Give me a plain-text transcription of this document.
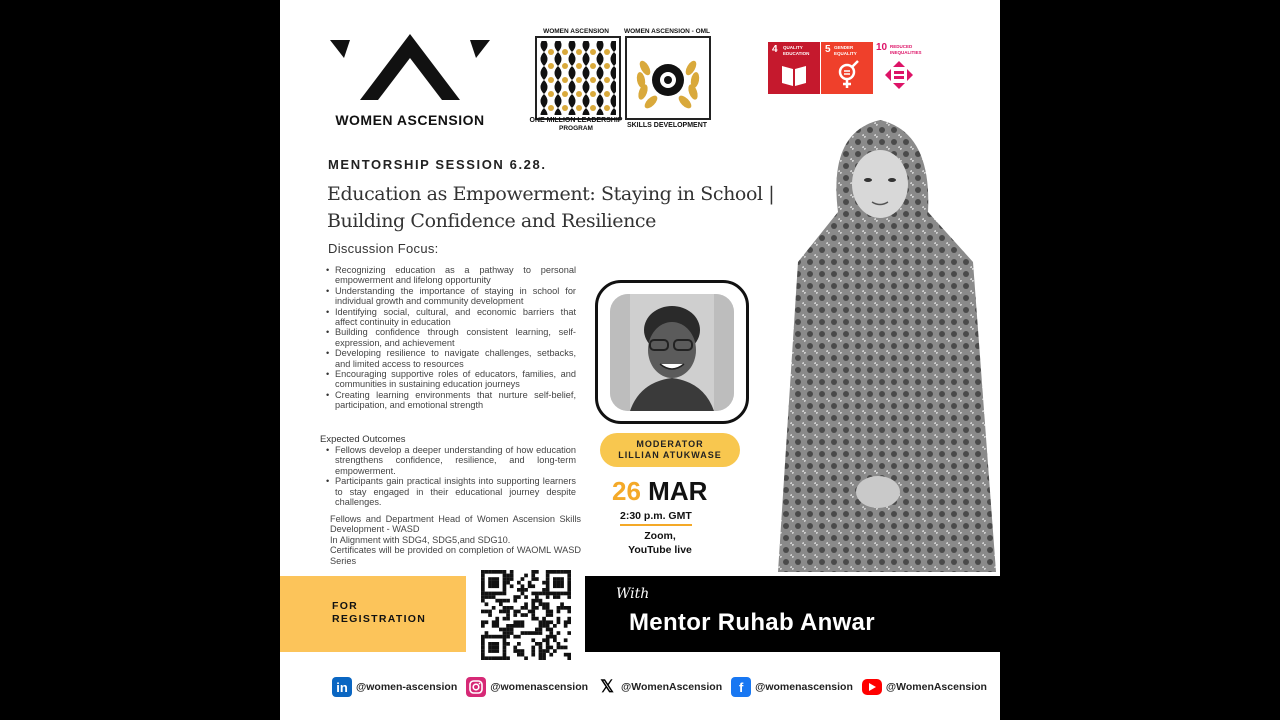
WOMEN ASCENSION
WOMEN ASCENSION
ONE MILLION LEADERSHIP
PROGRAM
WOMEN ASCENSION - OML
SKILLS DEVELOPMENT
4 QUALITY
EDUCATION 5 GENDER
EQUALITY
10 REDUCED
INEQUALITIES
MENTORSHIP SESSION 6.28.
Education as Empowerment: Staying in School |
Building Confidence and Resilience
Discussion Focus:
• Recognizing education as a pathway to personal empowerment and lifelong opportunity
• Understanding the importance of staying in school for individual growth and community development
• Identifying social, cultural, and economic barriers that affect continuity in education
• Building confidence through consistent learning, self-expression, and achievement
• Developing resilience to navigate challenges, setbacks, and limited access to resources
• Encouraging supportive roles of educators, families, and communities in sustaining education journeys
• Creating learning environments that nurture self-belief, participation, and emotional strength
Expected Outcomes
• Fellows develop a deeper understanding of how education strengthens confidence, resilience, and long-term empowerment.
• Participants gain practical insights into supporting learners to stay engaged in their educational journey despite challenges.
Fellows and Department Head of Women Ascension Skills Development - WASD
In Alignment with SDG4, SDG5,and SDG10.
Certificates will be provided on completion of WAOML WASD Series
MODERATOR
LILLIAN ATUKWASE
26 MAR
2:30 p.m. GMT
Zoom,
YouTube live
FOR
REGISTRATION
With
Mentor Ruhab Anwar
in @women-ascension	@womenascension 𝕏 @WomenAscension	f	@womenascension	@WomenAscension
